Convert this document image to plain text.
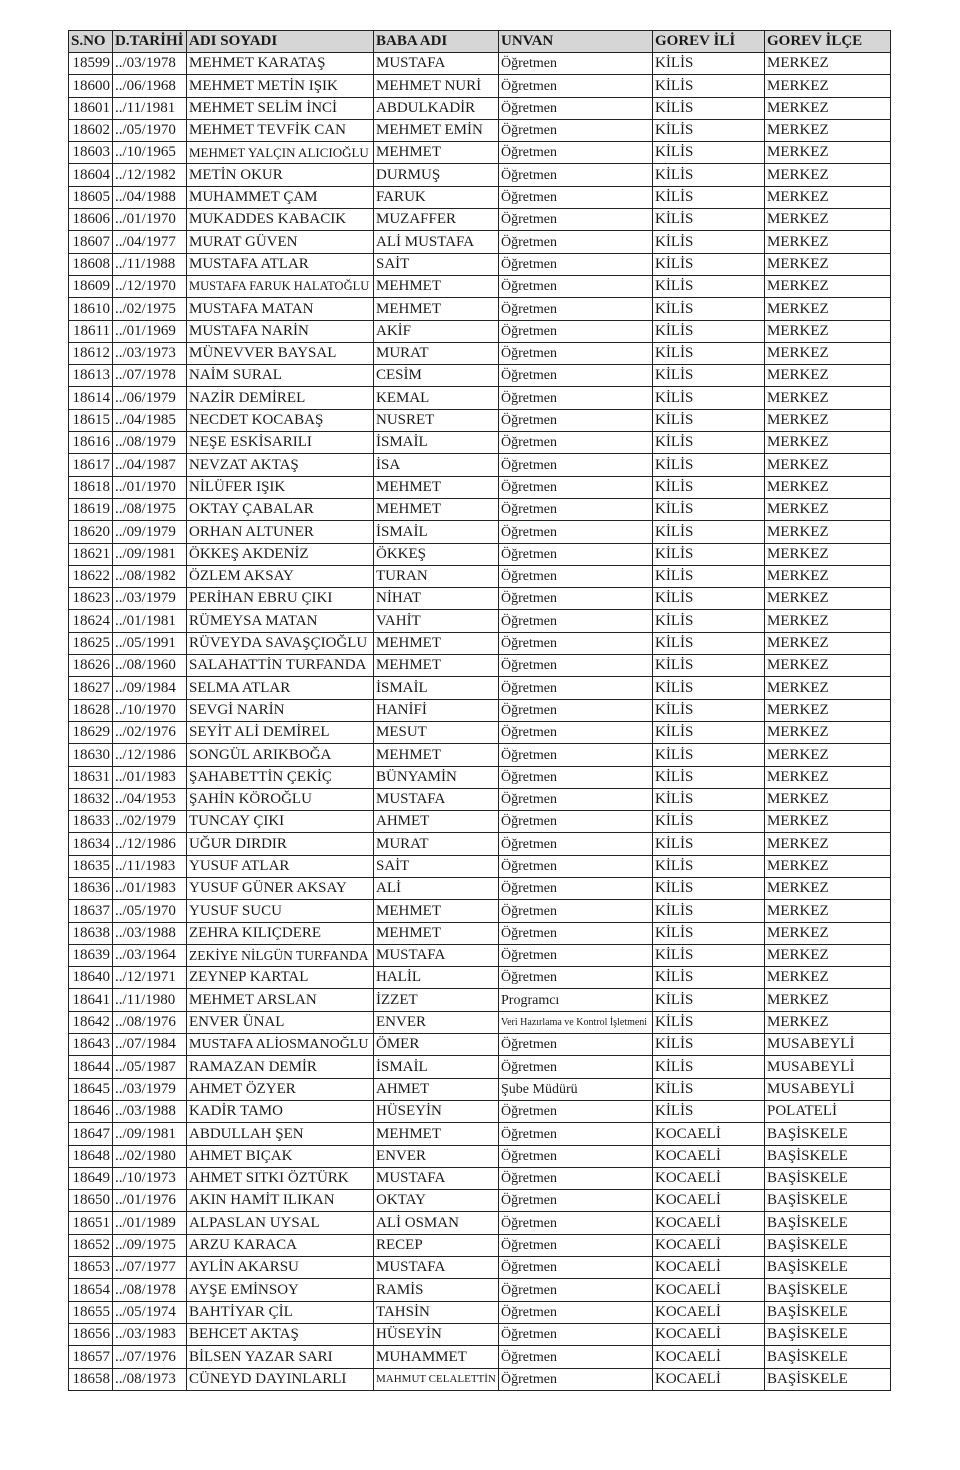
S.NO	D.TARİHİ	ADI SOYADI	BABA ADI	UNVAN	GOREV İLİ	GOREV İLÇE
18599	../03/1978	MEHMET KARATAŞ	MUSTAFA	Öğretmen	KİLİS	MERKEZ
18600	../06/1968	MEHMET METİN IŞIK	MEHMET NURİ	Öğretmen	KİLİS	MERKEZ
18601	../11/1981	MEHMET SELİM İNCİ	ABDULKADİR	Öğretmen	KİLİS	MERKEZ
18602	../05/1970	MEHMET TEVFİK CAN	MEHMET EMİN	Öğretmen	KİLİS	MERKEZ
18603	../10/1965	MEHMET YALÇIN ALICIOĞLU	MEHMET	Öğretmen	KİLİS	MERKEZ
18604	../12/1982	METİN OKUR	DURMUŞ	Öğretmen	KİLİS	MERKEZ
18605	../04/1988	MUHAMMET ÇAM	FARUK	Öğretmen	KİLİS	MERKEZ
18606	../01/1970	MUKADDES KABACIK	MUZAFFER	Öğretmen	KİLİS	MERKEZ
18607	../04/1977	MURAT GÜVEN	ALİ MUSTAFA	Öğretmen	KİLİS	MERKEZ
18608	../11/1988	MUSTAFA ATLAR	SAİT	Öğretmen	KİLİS	MERKEZ
18609	../12/1970	MUSTAFA FARUK HALATOĞLU	MEHMET	Öğretmen	KİLİS	MERKEZ
18610	../02/1975	MUSTAFA MATAN	MEHMET	Öğretmen	KİLİS	MERKEZ
18611	../01/1969	MUSTAFA NARİN	AKİF	Öğretmen	KİLİS	MERKEZ
18612	../03/1973	MÜNEVVER BAYSAL	MURAT	Öğretmen	KİLİS	MERKEZ
18613	../07/1978	NAİM SURAL	CESİM	Öğretmen	KİLİS	MERKEZ
18614	../06/1979	NAZİR DEMİREL	KEMAL	Öğretmen	KİLİS	MERKEZ
18615	../04/1985	NECDET KOCABAŞ	NUSRET	Öğretmen	KİLİS	MERKEZ
18616	../08/1979	NEŞE ESKİSARILI	İSMAİL	Öğretmen	KİLİS	MERKEZ
18617	../04/1987	NEVZAT AKTAŞ	İSA	Öğretmen	KİLİS	MERKEZ
18618	../01/1970	NİLÜFER IŞIK	MEHMET	Öğretmen	KİLİS	MERKEZ
18619	../08/1975	OKTAY ÇABALAR	MEHMET	Öğretmen	KİLİS	MERKEZ
18620	../09/1979	ORHAN ALTUNER	İSMAİL	Öğretmen	KİLİS	MERKEZ
18621	../09/1981	ÖKKEŞ AKDENİZ	ÖKKEŞ	Öğretmen	KİLİS	MERKEZ
18622	../08/1982	ÖZLEM AKSAY	TURAN	Öğretmen	KİLİS	MERKEZ
18623	../03/1979	PERİHAN EBRU ÇIKI	NİHAT	Öğretmen	KİLİS	MERKEZ
18624	../01/1981	RÜMEYSA MATAN	VAHİT	Öğretmen	KİLİS	MERKEZ
18625	../05/1991	RÜVEYDA SAVAŞÇIOĞLU	MEHMET	Öğretmen	KİLİS	MERKEZ
18626	../08/1960	SALAHATTİN TURFANDA	MEHMET	Öğretmen	KİLİS	MERKEZ
18627	../09/1984	SELMA ATLAR	İSMAİL	Öğretmen	KİLİS	MERKEZ
18628	../10/1970	SEVGİ NARİN	HANİFİ	Öğretmen	KİLİS	MERKEZ
18629	../02/1976	SEYİT ALİ DEMİREL	MESUT	Öğretmen	KİLİS	MERKEZ
18630	../12/1986	SONGÜL ARIKBOĞA	MEHMET	Öğretmen	KİLİS	MERKEZ
18631	../01/1983	ŞAHABETTİN ÇEKİÇ	BÜNYAMİN	Öğretmen	KİLİS	MERKEZ
18632	../04/1953	ŞAHİN KÖROĞLU	MUSTAFA	Öğretmen	KİLİS	MERKEZ
18633	../02/1979	TUNCAY ÇIKI	AHMET	Öğretmen	KİLİS	MERKEZ
18634	../12/1986	UĞUR DIRDIR	MURAT	Öğretmen	KİLİS	MERKEZ
18635	../11/1983	YUSUF ATLAR	SAİT	Öğretmen	KİLİS	MERKEZ
18636	../01/1983	YUSUF GÜNER AKSAY	ALİ	Öğretmen	KİLİS	MERKEZ
18637	../05/1970	YUSUF SUCU	MEHMET	Öğretmen	KİLİS	MERKEZ
18638	../03/1988	ZEHRA KILIÇDERE	MEHMET	Öğretmen	KİLİS	MERKEZ
18639	../03/1964	ZEKİYE NİLGÜN TURFANDA	MUSTAFA	Öğretmen	KİLİS	MERKEZ
18640	../12/1971	ZEYNEP KARTAL	HALİL	Öğretmen	KİLİS	MERKEZ
18641	../11/1980	MEHMET ARSLAN	İZZET	Programcı	KİLİS	MERKEZ
18642	../08/1976	ENVER ÜNAL	ENVER	Veri Hazırlama ve Kontrol İşletmeni	KİLİS	MERKEZ
18643	../07/1984	MUSTAFA ALİOSMANOĞLU	ÖMER	Öğretmen	KİLİS	MUSABEYLİ
18644	../05/1987	RAMAZAN DEMİR	İSMAİL	Öğretmen	KİLİS	MUSABEYLİ
18645	../03/1979	AHMET ÖZYER	AHMET	Şube Müdürü	KİLİS	MUSABEYLİ
18646	../03/1988	KADİR TAMO	HÜSEYİN	Öğretmen	KİLİS	POLATELİ
18647	../09/1981	ABDULLAH ŞEN	MEHMET	Öğretmen	KOCAELİ	BAŞİSKELE
18648	../02/1980	AHMET BIÇAK	ENVER	Öğretmen	KOCAELİ	BAŞİSKELE
18649	../10/1973	AHMET SITKI ÖZTÜRK	MUSTAFA	Öğretmen	KOCAELİ	BAŞİSKELE
18650	../01/1976	AKIN HAMİT ILIKAN	OKTAY	Öğretmen	KOCAELİ	BAŞİSKELE
18651	../01/1989	ALPASLAN UYSAL	ALİ OSMAN	Öğretmen	KOCAELİ	BAŞİSKELE
18652	../09/1975	ARZU KARACA	RECEP	Öğretmen	KOCAELİ	BAŞİSKELE
18653	../07/1977	AYLİN AKARSU	MUSTAFA	Öğretmen	KOCAELİ	BAŞİSKELE
18654	../08/1978	AYŞE EMİNSOY	RAMİS	Öğretmen	KOCAELİ	BAŞİSKELE
18655	../05/1974	BAHTİYAR ÇİL	TAHSİN	Öğretmen	KOCAELİ	BAŞİSKELE
18656	../03/1983	BEHCET AKTAŞ	HÜSEYİN	Öğretmen	KOCAELİ	BAŞİSKELE
18657	../07/1976	BİLSEN YAZAR SARI	MUHAMMET	Öğretmen	KOCAELİ	BAŞİSKELE
18658	../08/1973	CÜNEYD DAYINLARLI	MAHMUT CELALETTİN	Öğretmen	KOCAELİ	BAŞİSKELE
